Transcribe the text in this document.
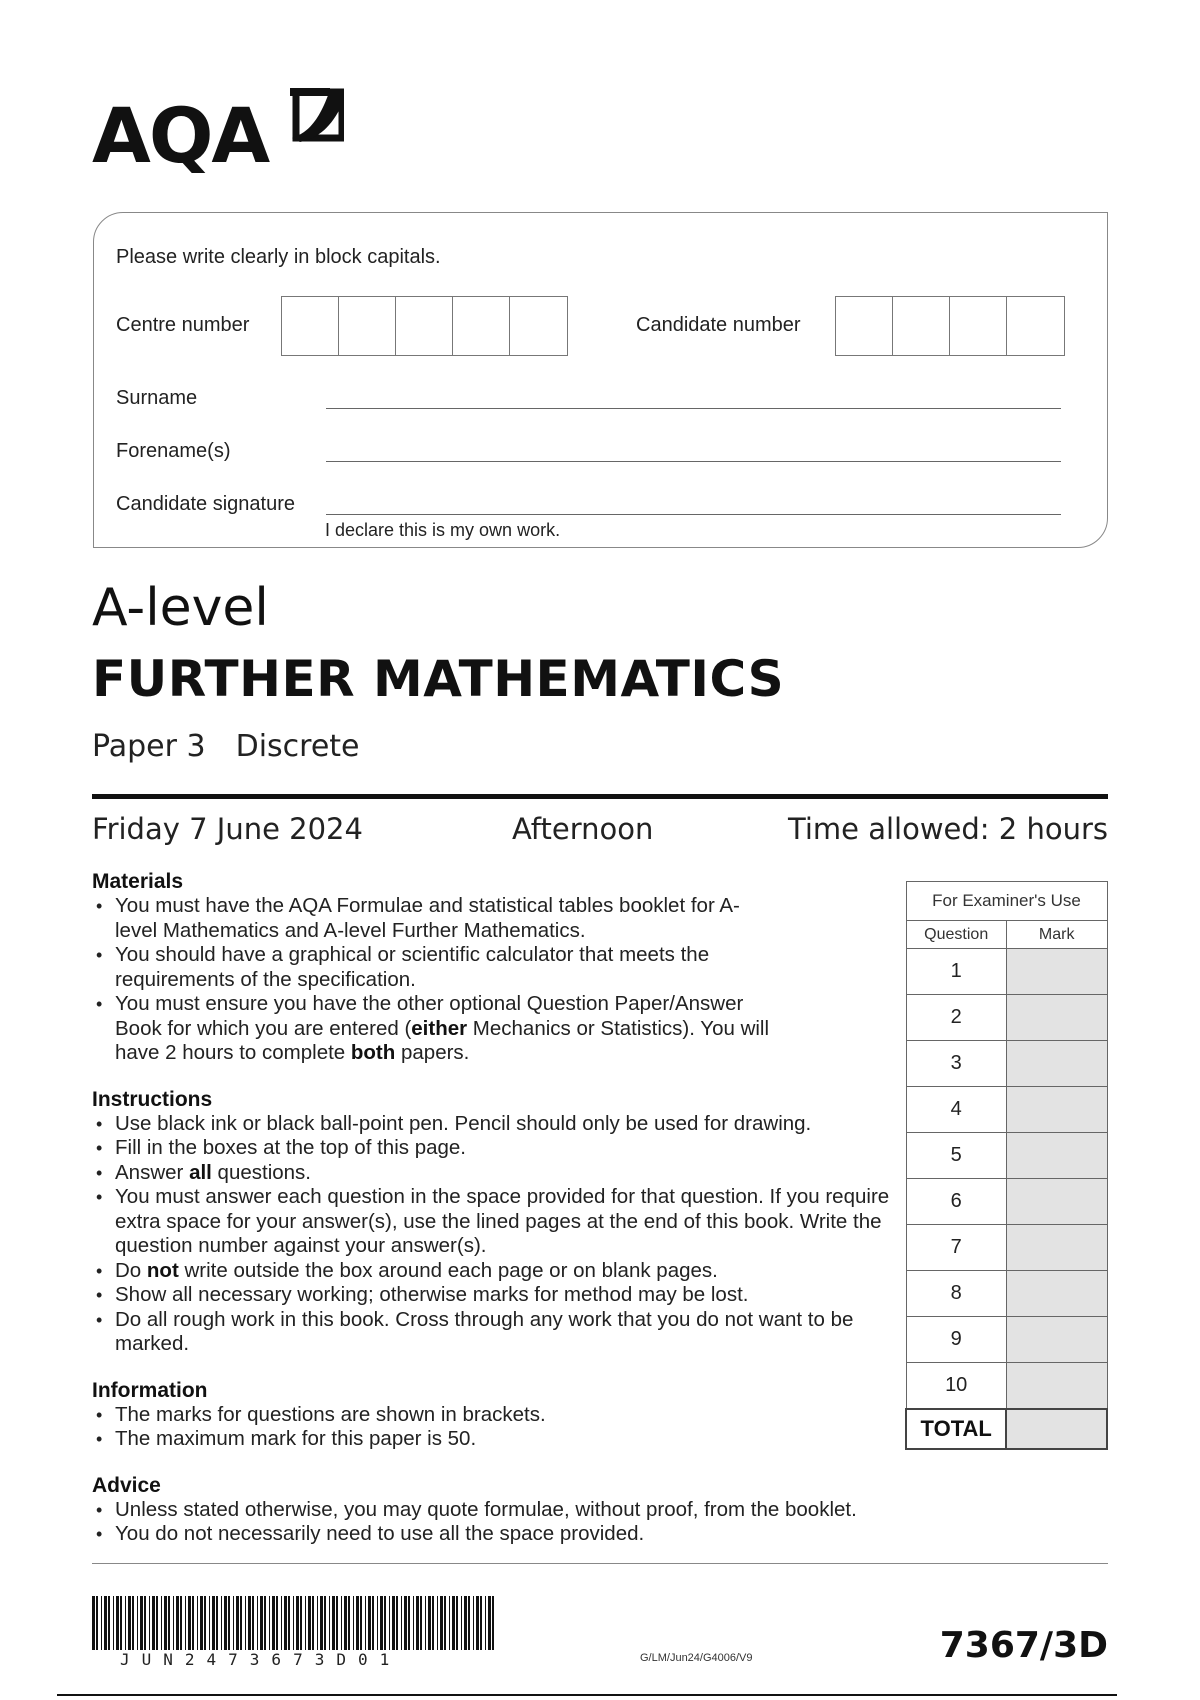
AQA
Please write clearly in block capitals.
Centre number	Candidate number
Surname
Forename(s)
Candidate signature
I declare this is my own work.
A-level
FURTHER MATHEMATICS
Paper 3 Discrete
Friday 7 June 2024	Afternoon	Time allowed: 2 hours
Materials
• You must have the AQA Formulae and statistical tables booklet for A-level Mathematics and A-level Further Mathematics.
• You should have a graphical or scientific calculator that meets the requirements of the specification.
• You must ensure you have the other optional Question Paper/Answer Book for which you are entered (either Mechanics or Statistics). You will have 2 hours to complete both papers.
Instructions
• Use black ink or black ball-point pen. Pencil should only be used for drawing.
• Fill in the boxes at the top of this page.
• Answer all questions.
• You must answer each question in the space provided for that question. If you require extra space for your answer(s), use the lined pages at the end of this book. Write the question number against your answer(s).
• Do not write outside the box around each page or on blank pages.
• Show all necessary working; otherwise marks for method may be lost.
• Do all rough work in this book. Cross through any work that you do not want to be marked.
Information
• The marks for questions are shown in brackets.
• The maximum mark for this paper is 50.
Advice
• Unless stated otherwise, you may quote formulae, without proof, from the booklet.
• You do not necessarily need to use all the space provided.
For Examiner's Use	
Question	Mark
1	
2	
3	
4	
5	
6	
7	
8	
9	
10	
TOTAL	
JUN2473673D01	G/LM/Jun24/G4006/V9	7367/3D
